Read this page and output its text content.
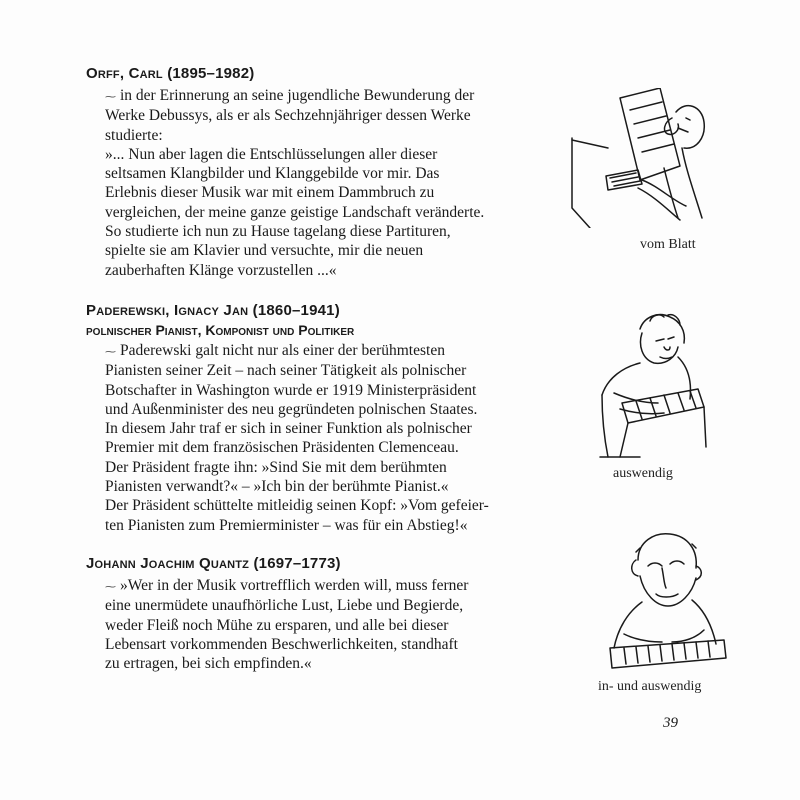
Orff, Carl (1895–1982)

⁓ in der Erinnerung an seine jugendliche Bewunderung der
Werke Debussys, als er als Sechzehnjähriger dessen Werke
studierte:
»... Nun aber lagen die Entschlüsselungen aller dieser
seltsamen Klangbilder und Klanggebilde vor mir. Das
Erlebnis dieser Musik war mit einem Dammbruch zu
vergleichen, der meine ganze geistige Landschaft veränderte.
So studierte ich nun zu Hause tagelang diese Partituren,
spielte sie am Klavier und versuchte, mir die neuen
zauberhaften Klänge vorzustellen ...«

Paderewski, Ignacy Jan (1860–1941)

polnischer Pianist, Komponist und Politiker

⁓ Paderewski galt nicht nur als einer der berühmtesten
Pianisten seiner Zeit – nach seiner Tätigkeit als polnischer
Botschafter in Washington wurde er 1919 Ministerpräsident
und Außenminister des neu gegründeten polnischen Staates.
In diesem Jahr traf er sich in seiner Funktion als polnischer
Premier mit dem französischen Präsidenten Clemenceau.
Der Präsident fragte ihn: »Sind Sie mit dem berühmten
Pianisten verwandt?« – »Ich bin der berühmte Pianist.«
Der Präsident schüttelte mitleidig seinen Kopf: »Vom gefeier-
ten Pianisten zum Premierminister – was für ein Abstieg!«

Johann Joachim Quantz (1697–1773)

⁓ »Wer in der Musik vortrefflich werden will, muss ferner
eine unermüdete unaufhörliche Lust, Liebe und Begierde,
weder Fleiß noch Mühe zu ersparen, und alle bei dieser
Lebensart vorkommenden Beschwerlichkeiten, standhaft
zu ertragen, bei sich empfinden.«
vom Blatt
auswendig
in- und auswendig
39
